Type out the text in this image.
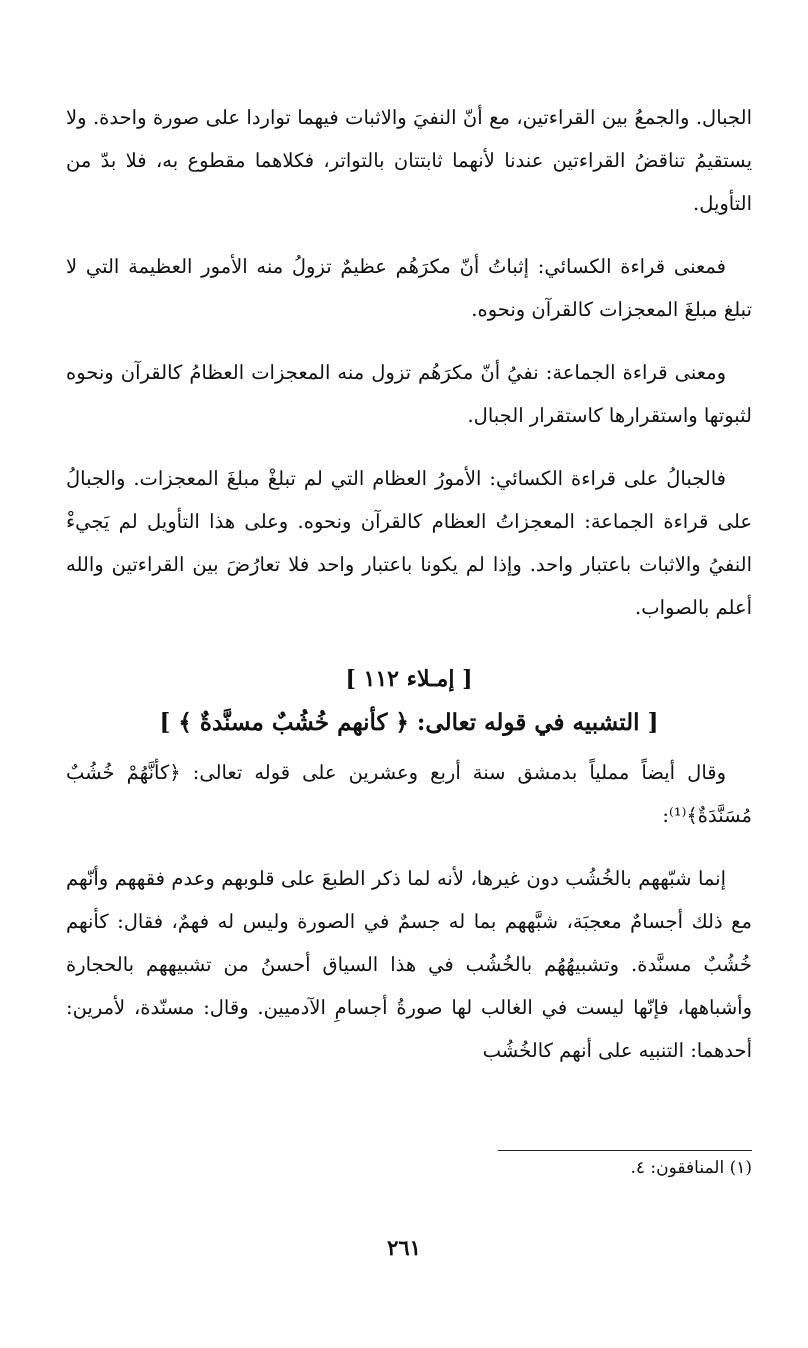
الجبال. والجمعُ بين القراءتين، مع أنّ النفيَ والاثبات فيهما تواردا على صورة واحدة. ولا يستقيمُ تناقضُ القراءتين عندنا لأنهما ثابتتان بالتواتر، فكلاهما مقطوع به، فلا بدّ من التأويل.

فمعنى قراءة الكسائي: إثباتُ أنّ مكرَهُم عظيمٌ تزولُ منه الأمور العظيمة التي لا تبلغ مبلغَ المعجزات كالقرآن ونحوه.

ومعنى قراءة الجماعة: نفيُ أنّ مكرَهُم تزول منه المعجزات العظامُ كالقرآن ونحوه لثبوتها واستقرارها كاستقرار الجبال.

فالجبالُ على قراءة الكسائي: الأمورُ العظام التي لم تبلغْ مبلغَ المعجزات. والجبالُ على قراءة الجماعة: المعجزاتُ العظام كالقرآن ونحوه. وعلى هذا التأويل لم يَجيءْ النفيُ والاثبات باعتبار واحد. وإذا لم يكونا باعتبار واحد فلا تعارُضَ بين القراءتين والله أعلم بالصواب.

[ إمـلاء ١١٢ ]

[ التشبيه في قوله تعالى: ﴿ كأنهم خُشُبٌ مسنَّدةٌ ﴾ ]

وقال أيضاً مملياً بدمشق سنة أربع وعشرين على قوله تعالى: ﴿كأنَّهُمْ خُشُبٌ مُسَنَّدَةٌ﴾⁽¹⁾:

إنما شبّههم بالخُشُب دون غيرها، لأنه لما ذكر الطبعَ على قلوبهم وعدم فقههم وأنّهم مع ذلك أجسامٌ معجبَة، شبَّههم بما له جسمٌ في الصورة وليس له فهمٌ، فقال: كأنهم خُشُبٌ مسنَّدة. وتشبيهُهُم بالخُشُب في هذا السياق أحسنُ من تشبيههم بالحجارة وأشباهها، فإنّها ليست في الغالب لها صورةُ أجسامِ الآدميين. وقال: مسنّدة، لأمرين: أحدهما: التنبيه على أنهم كالخُشُب

(١) المنافقون: ٤.
٢٦١
